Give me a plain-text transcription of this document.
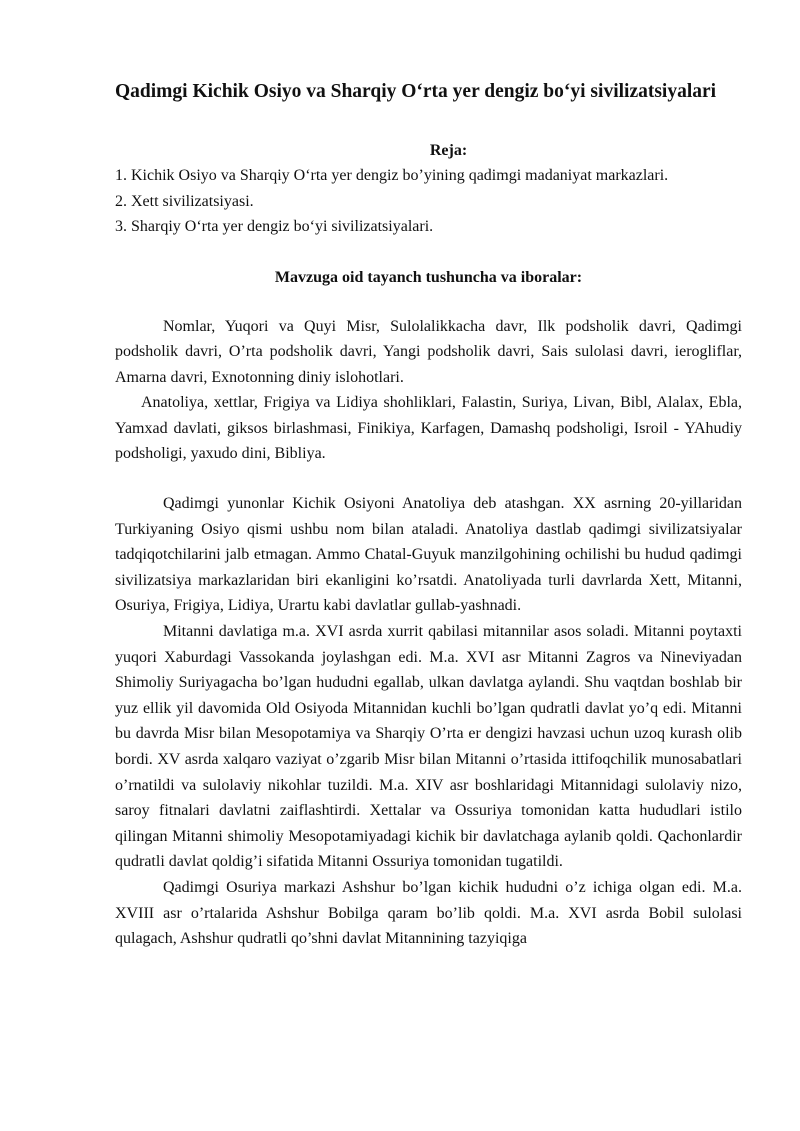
Qadimgi Kichik Osiyo va Sharqiy O‘rta yer dengiz bo‘yi sivilizatsiyalari
Reja:
1. Kichik Osiyo va Sharqiy O‘rta yer dengiz bo’yining qadimgi madaniyat markazlari.
2. Xett sivilizatsiyasi.
3. Sharqiy O‘rta yer dengiz bo‘yi sivilizatsiyalari.
Mavzuga oid tayanch tushuncha va iboralar:

Nomlar, Yuqori va Quyi Misr, Sulolalikkacha davr, Ilk podsholik davri, Qadimgi podsholik davri, O’rta podsholik davri, Yangi podsholik davri, Sais sulolasi davri, ierogliflar, Amarna davri, Exnotonning diniy islohotlari.

Anatoliya, xettlar, Frigiya va Lidiya shohliklari, Falastin, Suriya, Livan, Bibl, Alalax, Ebla, Yamxad davlati, giksos birlashmasi, Finikiya, Karfagen, Damashq podsholigi, Isroil - YAhudiy podsholigi, yaxudo dini, Bibliya.

Qadimgi yunonlar Kichik Osiyoni Anatoliya deb atashgan. XX asrning 20-yillaridan Turkiyaning Osiyo qismi ushbu nom bilan ataladi. Anatoliya dastlab qadimgi sivilizatsiyalar tadqiqotchilarini jalb etmagan. Ammo Chatal-Guyuk manzilgohining ochilishi bu hudud qadimgi sivilizatsiya markazlaridan biri ekanligini ko’rsatdi. Anatoliyada turli davrlarda Xett, Mitanni, Osuriya, Frigiya, Lidiya, Urartu kabi davlatlar gullab-yashnadi.

Mitanni davlatiga m.a. XVI asrda xurrit qabilasi mitannilar asos soladi. Mitanni poytaxti yuqori Xaburdagi Vassokanda joylashgan edi. M.a. XVI asr Mitanni Zagros va Nineviyadan Shimoliy Suriyagacha bo’lgan hududni egallab, ulkan davlatga aylandi. Shu vaqtdan boshlab bir yuz ellik yil davomida Old Osiyoda Mitannidan kuchli bo’lgan qudratli davlat yo’q edi. Mitanni bu davrda Misr bilan Mesopotamiya va Sharqiy O’rta er dengizi havzasi uchun uzoq kurash olib bordi. XV asrda xalqaro vaziyat o’zgarib Misr bilan Mitanni o’rtasida ittifoqchilik munosabatlari o’rnatildi va sulolaviy nikohlar tuzildi. M.a. XIV asr boshlaridagi Mitannidagi sulolaviy nizo, saroy fitnalari davlatni zaiflashtirdi. Xettalar va Ossuriya tomonidan katta hududlari istilo qilingan Mitanni shimoliy Mesopotamiyadagi kichik bir davlatchaga aylanib qoldi. Qachonlardir qudratli davlat qoldig’i sifatida Mitanni Ossuriya tomonidan tugatildi.

Qadimgi Osuriya markazi Ashshur bo’lgan kichik hududni o’z ichiga olgan edi. M.a. XVIII asr o’rtalarida Ashshur Bobilga qaram bo’lib qoldi. M.a. XVI asrda Bobil sulolasi qulagach, Ashshur qudratli qo’shni davlat Mitannining tazyiqiga
